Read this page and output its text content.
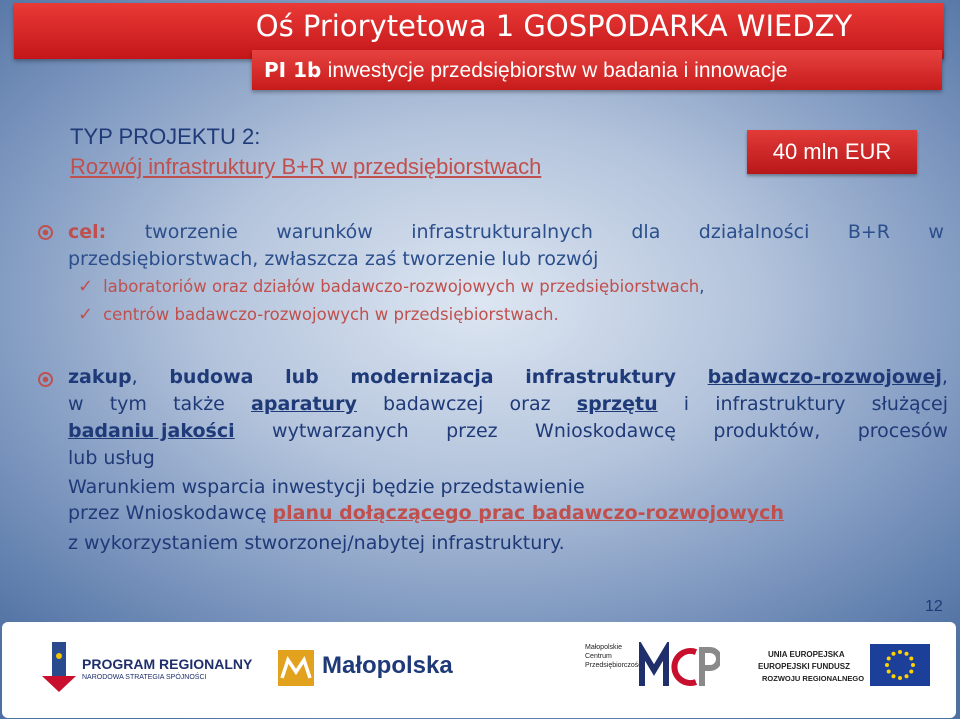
Oś Priorytetowa 1 GOSPODARKA WIEDZY
PI 1b inwestycje przedsiębiorstw w badania i innowacje
TYP PROJEKTU 2:
Rozwój infrastruktury B+R w przedsiębiorstwach
40 mln EUR
cel: tworzenie warunków infrastrukturalnych dla działalności B+R w
przedsiębiorstwach, zwłaszcza zaś tworzenie lub rozwój
✓ laboratoriów oraz działów badawczo-rozwojowych w przedsiębiorstwach,
✓ centrów badawczo-rozwojowych w przedsiębiorstwach.
zakup, budowa lub modernizacja infrastruktury badawczo-rozwojowej,
w tym także aparatury badawczej oraz sprzętu i infrastruktury służącej
badaniu jakości wytwarzanych przez Wnioskodawcę produktów, procesów
lub usług
Warunkiem wsparcia inwestycji będzie przedstawienie
przez Wnioskodawcę planu dołączącego prac badawczo-rozwojowych
z wykorzystaniem stworzonej/nabytej infrastruktury.
12
PROGRAM REGIONALNY
NARODOWA STRATEGIA SPÓJNOŚCI	Małopolska
Małopolskie
Centrum
Przedsiębiorczości
UNIA EUROPEJSKA
EUROPEJSKI FUNDUSZ
ROZWOJU REGIONALNEGO
